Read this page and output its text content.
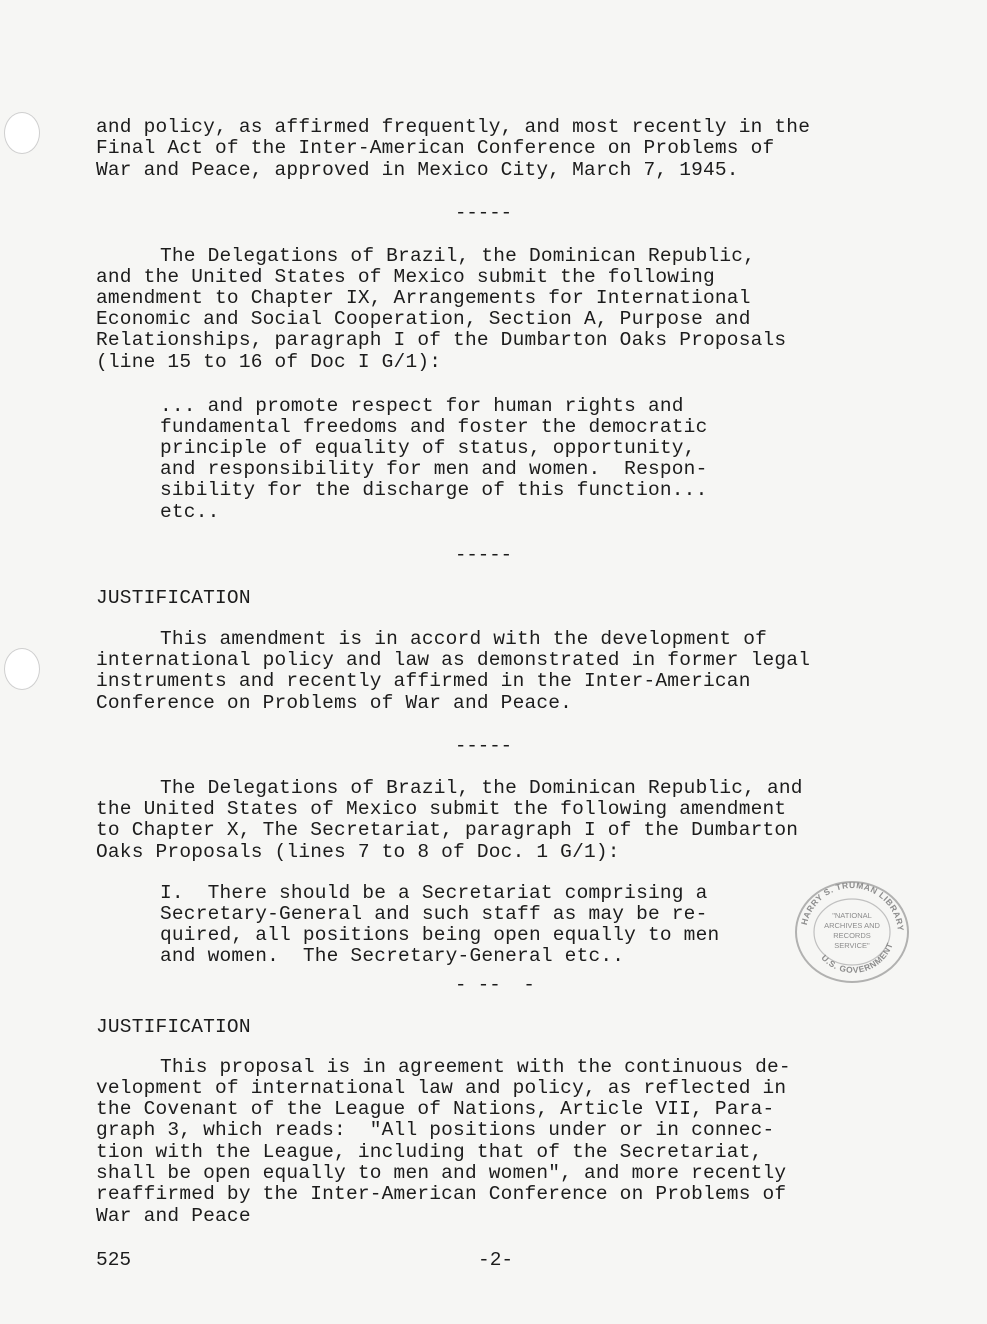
and policy, as affirmed frequently, and most recently in the
Final Act of the Inter-American Conference on Problems of
War and Peace, approved in Mexico City, March 7, 1945.
-----
The Delegations of Brazil, the Dominican Republic,
and the United States of Mexico submit the following
amendment to Chapter IX, Arrangements for International
Economic and Social Cooperation, Section A, Purpose and
Relationships, paragraph I of the Dumbarton Oaks Proposals
(line 15 to 16 of Doc I G/1):
... and promote respect for human rights and
fundamental freedoms and foster the democratic
principle of equality of status, opportunity,
and responsibility for men and women.  Respon-
sibility for the discharge of this function...
etc..
-----
JUSTIFICATION
This amendment is in accord with the development of
international policy and law as demonstrated in former legal
instruments and recently affirmed in the Inter-American
Conference on Problems of War and Peace.
-----
The Delegations of Brazil, the Dominican Republic, and
the United States of Mexico submit the following amendment
to Chapter X, The Secretariat, paragraph I of the Dumbarton
Oaks Proposals (lines 7 to 8 of Doc. 1 G/1):
I.  There should be a Secretariat comprising a
Secretary-General and such staff as may be re-
quired, all positions being open equally to men
and women.  The Secretary-General etc..
- --  -
JUSTIFICATION
This proposal is in agreement with the continuous de-
velopment of international law and policy, as reflected in
the Covenant of the League of Nations, Article VII, Para-
graph 3, which reads:  "All positions under or in connec-
tion with the League, including that of the Secretariat,
shall be open equally to men and women", and more recently
reaffirmed by the Inter-American Conference on Problems of
War and Peace
HARRY S. TRUMAN LIBRARY
U.S. GOVERNMENT
"NATIONAL
ARCHIVES AND
RECORDS
SERVICE"
525	-2-
